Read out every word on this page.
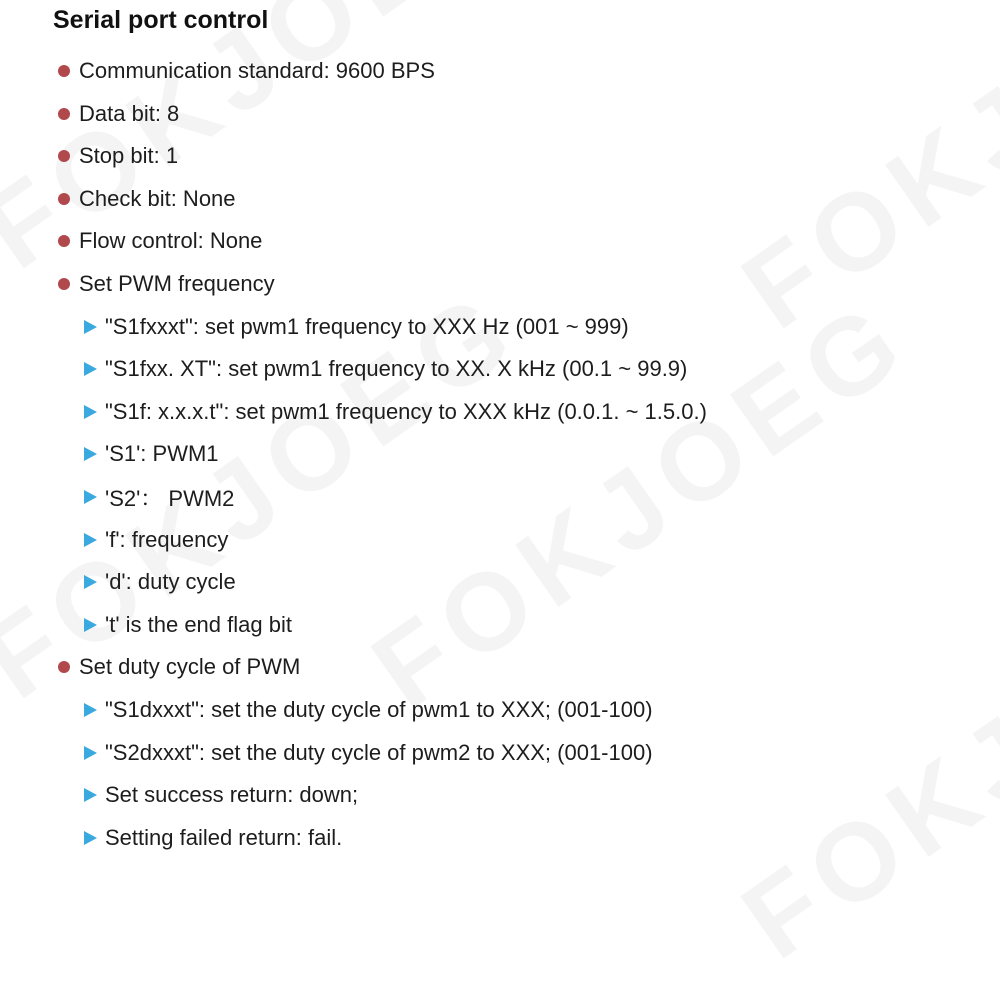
Serial port control
Communication standard: 9600 BPS
Data bit: 8
Stop bit: 1
Check bit: None
Flow control: None
Set PWM frequency
"S1fxxxt": set pwm1 frequency to XXX Hz (001 ~ 999)
"S1fxx. XT": set pwm1 frequency to XX. X kHz (00.1 ~ 99.9)
"S1f: x.x.x.t": set pwm1 frequency to XXX kHz (0.0.1. ~ 1.5.0.)
'S1': PWM1
'S2'： PWM2
'f': frequency
'd': duty cycle
't' is the end flag bit
Set duty cycle of PWM
"S1dxxxt": set the duty cycle of pwm1 to XXX; (001-100)
"S2dxxxt": set the duty cycle of pwm2 to XXX; (001-100)
Set success return: down;
Setting failed return: fail.
